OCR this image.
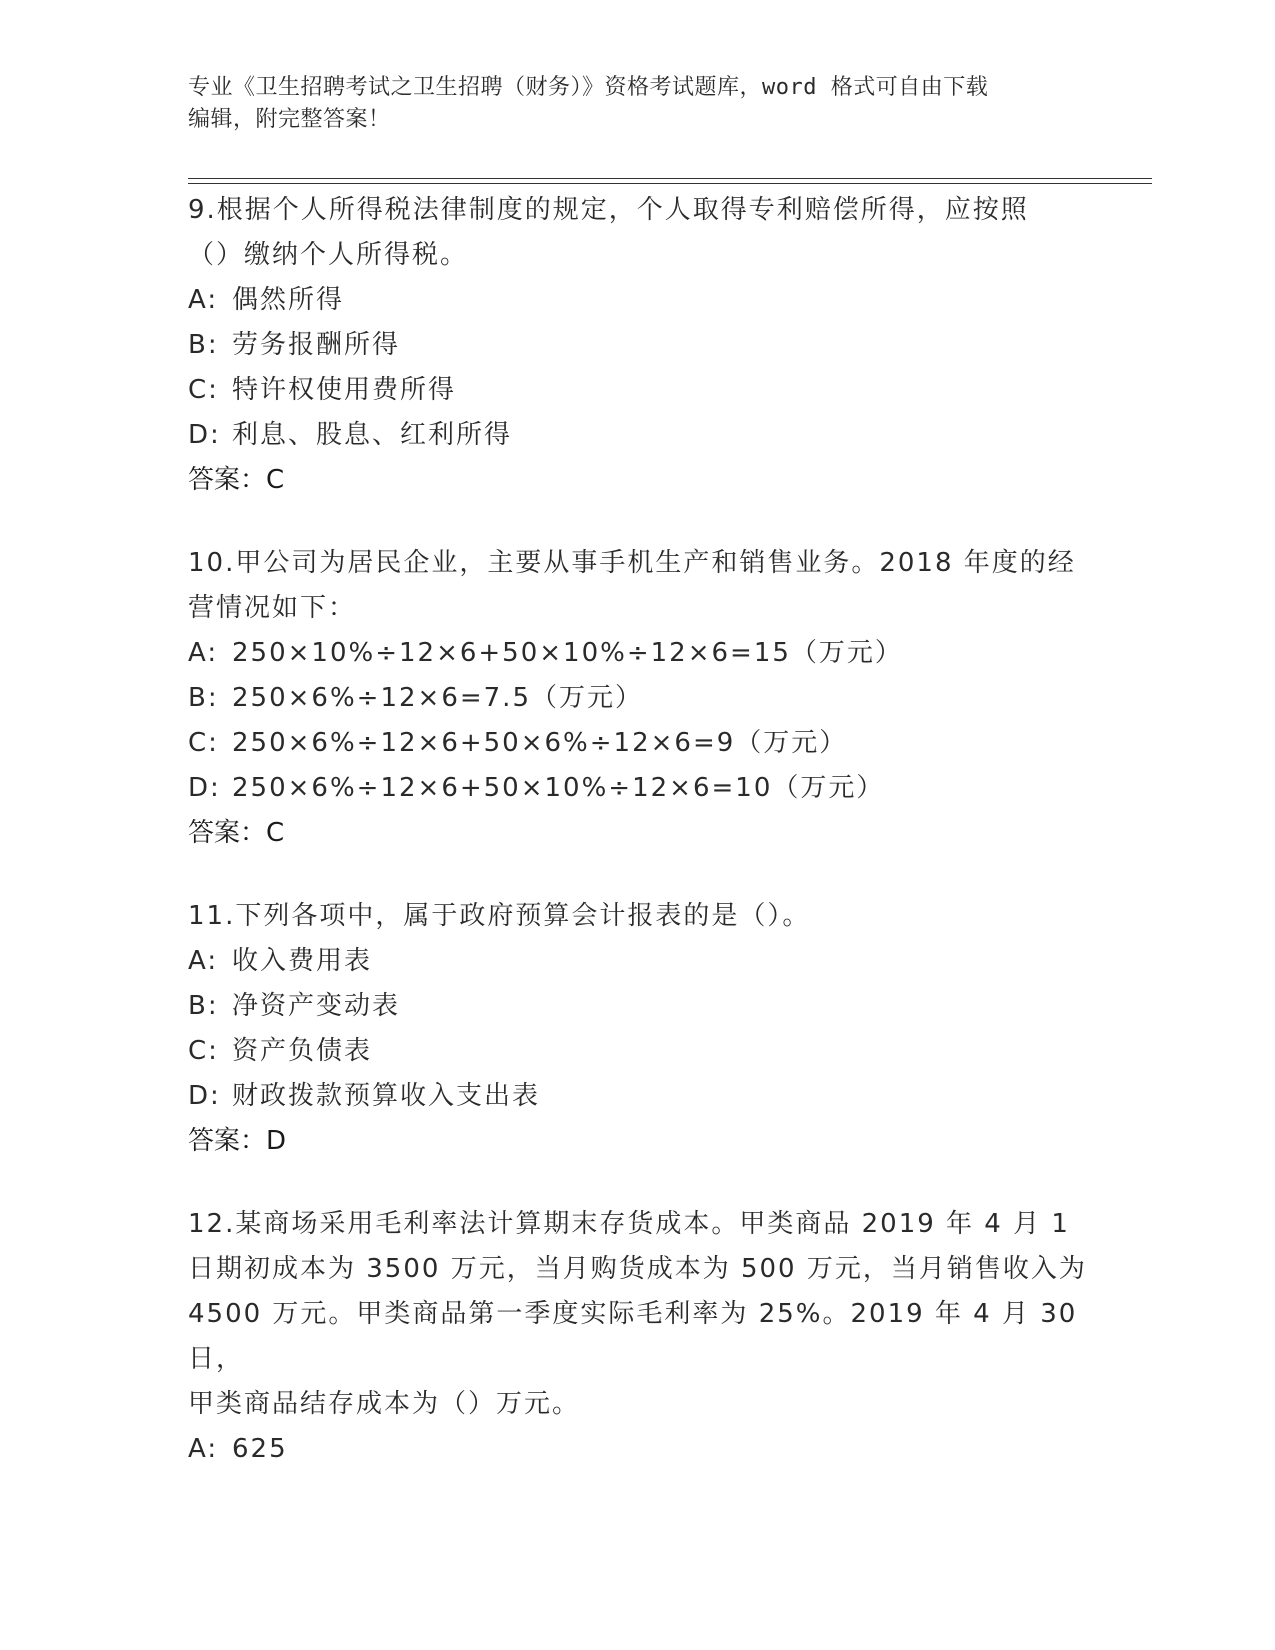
专业《卫生招聘考试之卫生招聘（财务）》资格考试题库，word 格式可自由下载
编辑，附完整答案！
9.根据个人所得税法律制度的规定，个人取得专利赔偿所得，应按照
（）缴纳个人所得税。
A: 偶然所得
B: 劳务报酬所得
C: 特许权使用费所得
D: 利息、股息、红利所得
答案：C
10.甲公司为居民企业，主要从事手机生产和销售业务。2018 年度的经
营情况如下：
A: 250×10%÷12×6+50×10%÷12×6=15（万元）
B: 250×6%÷12×6=7.5（万元）
C: 250×6%÷12×6+50×6%÷12×6=9（万元）
D: 250×6%÷12×6+50×10%÷12×6=10（万元）
答案：C
11.下列各项中，属于政府预算会计报表的是（）。
A: 收入费用表
B: 净资产变动表
C: 资产负债表
D: 财政拨款预算收入支出表
答案：D
12.某商场采用毛利率法计算期末存货成本。甲类商品 2019 年 4 月 1
日期初成本为 3500 万元，当月购货成本为 500 万元，当月销售收入为
4500 万元。甲类商品第一季度实际毛利率为 25%。2019 年 4 月 30 日，
甲类商品结存成本为（）万元。
A: 625
